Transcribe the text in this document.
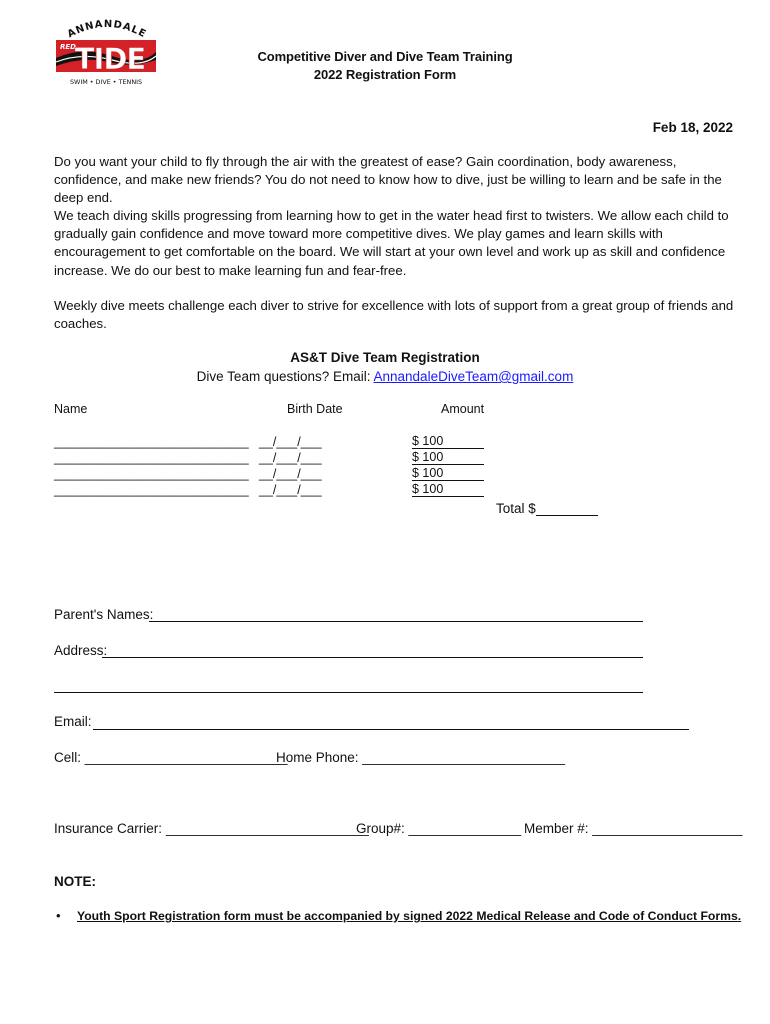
ANNANDALE
RED
TIDE
SWIM • DIVE • TENNIS
Competitive Diver and Dive Team Training
2022 Registration Form
Feb 18, 2022
Do you want your child to fly through the air with the greatest of ease? Gain coordination, body awareness, confidence, and make new friends? You do not need to know how to dive, just be willing to learn and be safe in the deep end.
We teach diving skills progressing from learning how to get in the water head first to twisters. We allow each child to gradually gain confidence and move toward more competitive dives. We play games and learn skills with encouragement to get comfortable on the board. We will start at your own level and work up as skill and confidence increase. We do our best to make learning fun and fear-free.
Weekly dive meets challenge each diver to strive for excellence with lots of support from a great group of friends and coaches.
AS&T Dive Team Registration
Dive Team questions? Email: AnnandaleDiveTeam@gmail.com
Name	Birth Date	Amount
____________________________ __/___/___	$ 100
____________________________ __/___/___	$ 100
____________________________ __/___/___	$ 100
____________________________ __/___/___	$ 100
Total $
Parent's Names:
Address:
Email:
Cell: ___________________________
Home Phone: ___________________________
Insurance Carrier: ___________________________
Group#: _______________ Member #: ____________________
NOTE:
• Youth Sport Registration form must be accompanied by signed 2022 Medical Release and Code of Conduct Forms.
